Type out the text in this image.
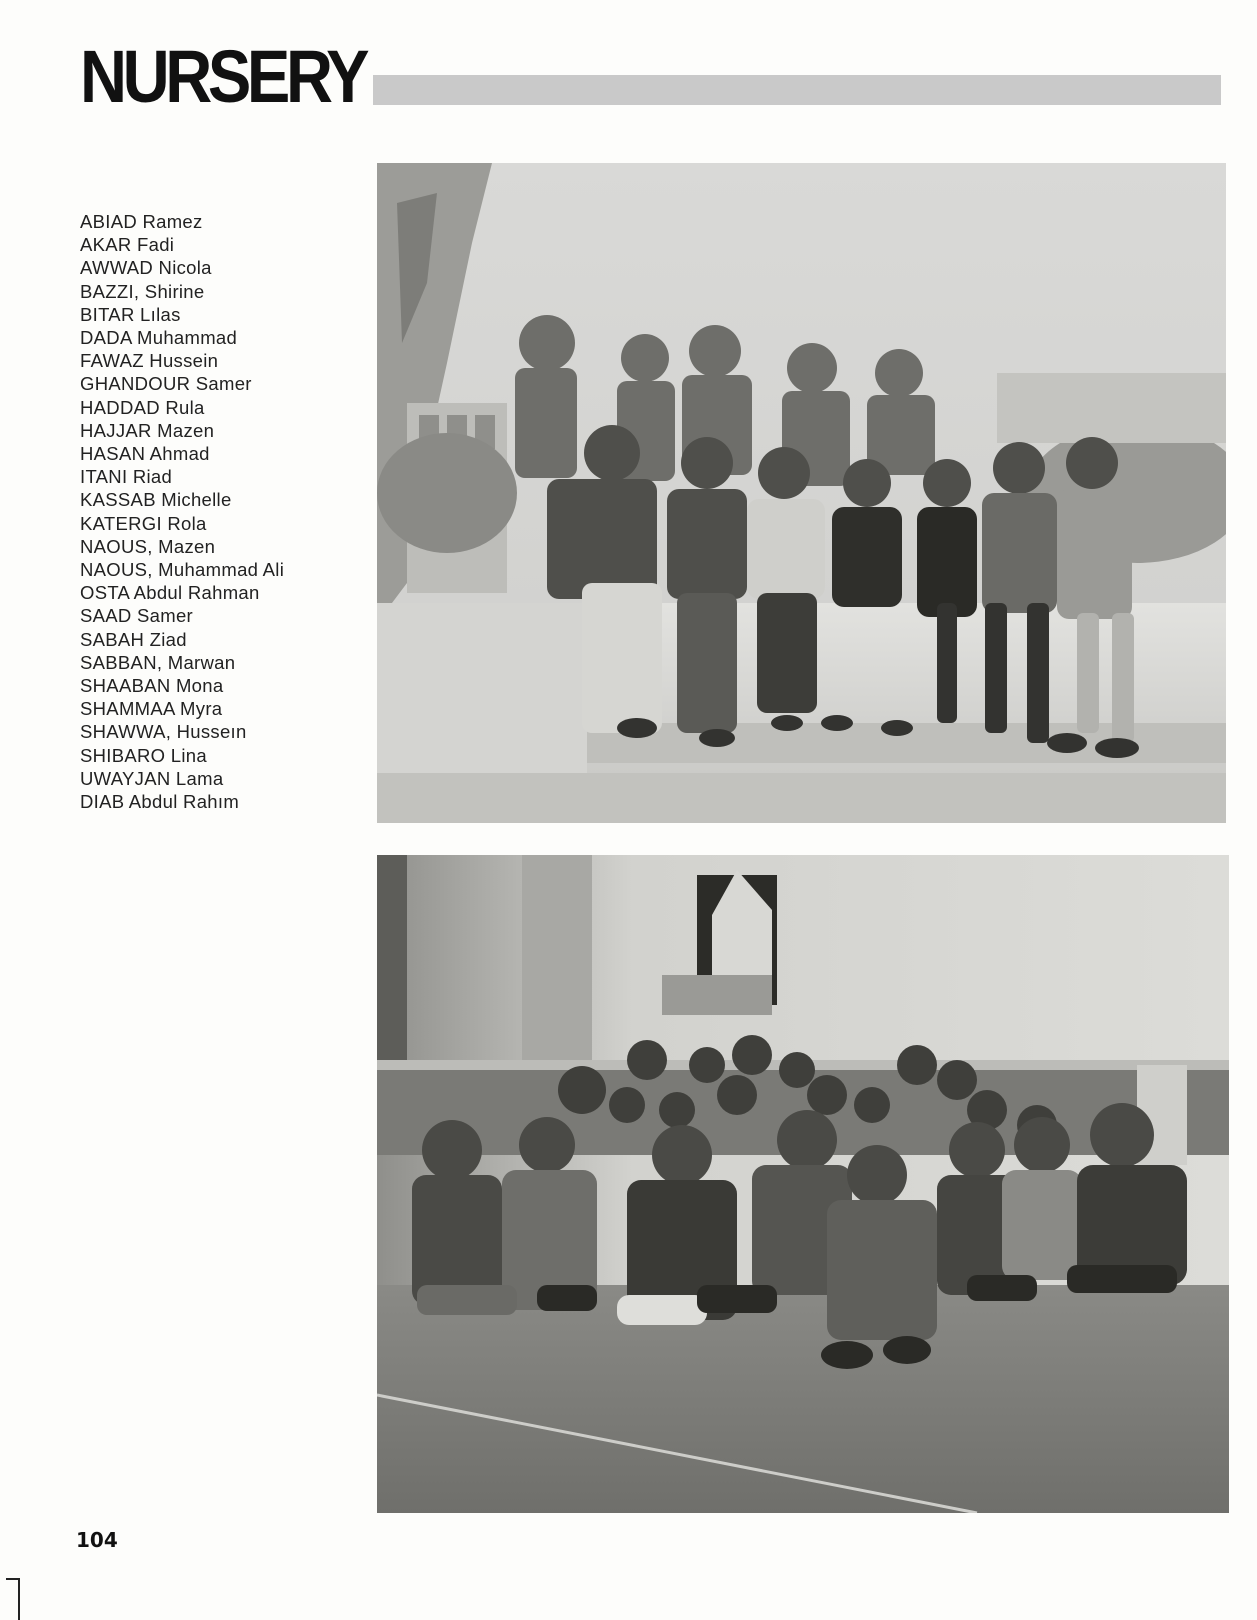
NURSERY
ABIAD Ramez
AKAR Fadi
AWWAD Nicola
BAZZI, Shirine
BITAR Lılas
DADA Muhammad
FAWAZ Hussein
GHANDOUR Samer
HADDAD Rula
HAJJAR Mazen
HASAN Ahmad
ITANI Riad
KASSAB Michelle
KATERGI Rola
NAOUS, Mazen
NAOUS, Muhammad Ali
OSTA Abdul Rahman
SAAD Samer
SABAH Ziad
SABBAN, Marwan
SHAABAN Mona
SHAMMAA Myra
SHAWWA, Husseın
SHIBARO Lina
UWAYJAN Lama
DIAB Abdul Rahım
104
